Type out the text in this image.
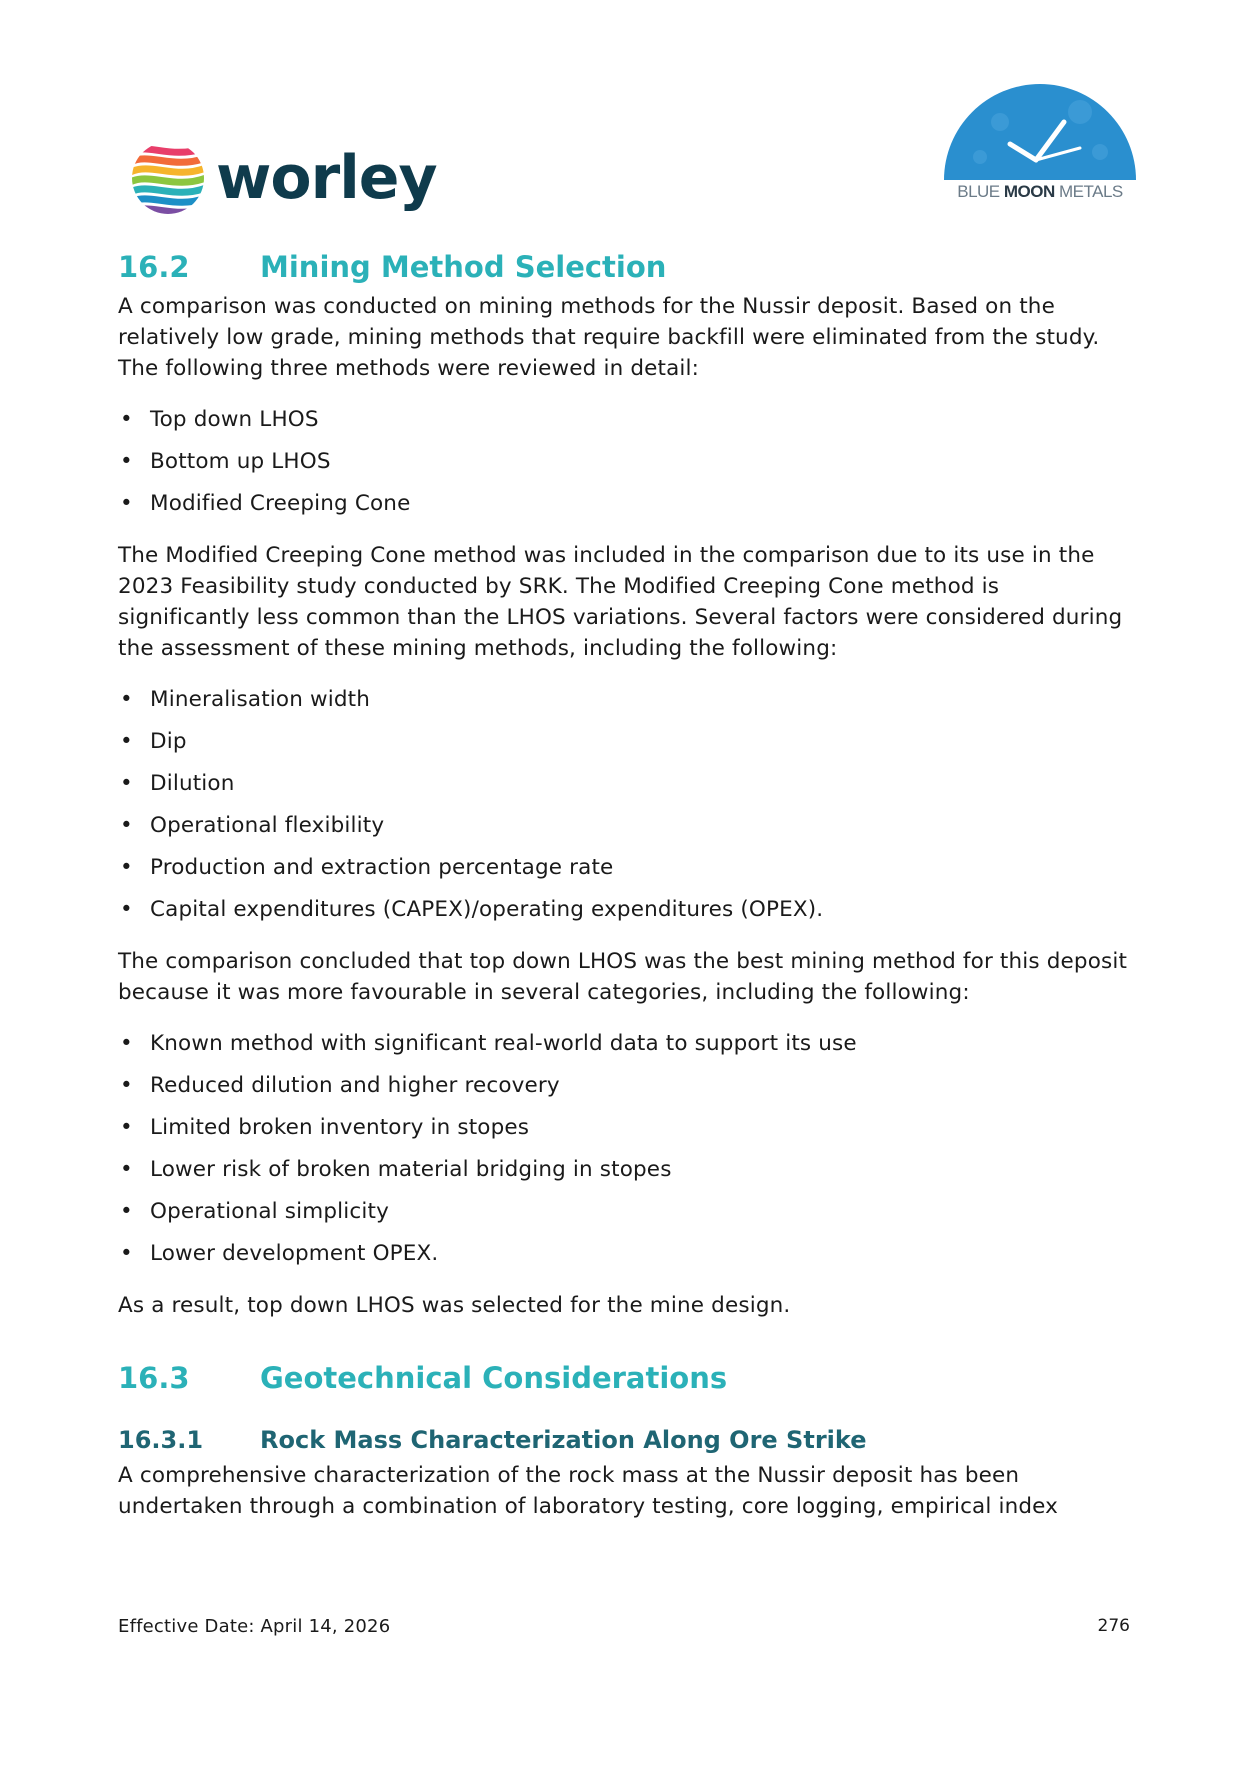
worley	BLUE MOON METALS
16.2	Mining Method Selection

A comparison was conducted on mining methods for the Nussir deposit. Based on the relatively low grade, mining methods that require backfill were eliminated from the study. The following three methods were reviewed in detail:

• Top down LHOS
• Bottom up LHOS
• Modified Creeping Cone

The Modified Creeping Cone method was included in the comparison due to its use in the 2023 Feasibility study conducted by SRK. The Modified Creeping Cone method is significantly less common than the LHOS variations. Several factors were considered during the assessment of these mining methods, including the following:

• Mineralisation width
• Dip
• Dilution
• Operational flexibility
• Production and extraction percentage rate
• Capital expenditures (CAPEX)/operating expenditures (OPEX).

The comparison concluded that top down LHOS was the best mining method for this deposit because it was more favourable in several categories, including the following:

• Known method with significant real-world data to support its use
• Reduced dilution and higher recovery
• Limited broken inventory in stopes
• Lower risk of broken material bridging in stopes
• Operational simplicity
• Lower development OPEX.

As a result, top down LHOS was selected for the mine design.

16.3	Geotechnical Considerations
16.3.1	Rock Mass Characterization Along Ore Strike

A comprehensive characterization of the rock mass at the Nussir deposit has been undertaken through a combination of laboratory testing, core logging, empirical index

Effective Date: April 14, 2026	276
